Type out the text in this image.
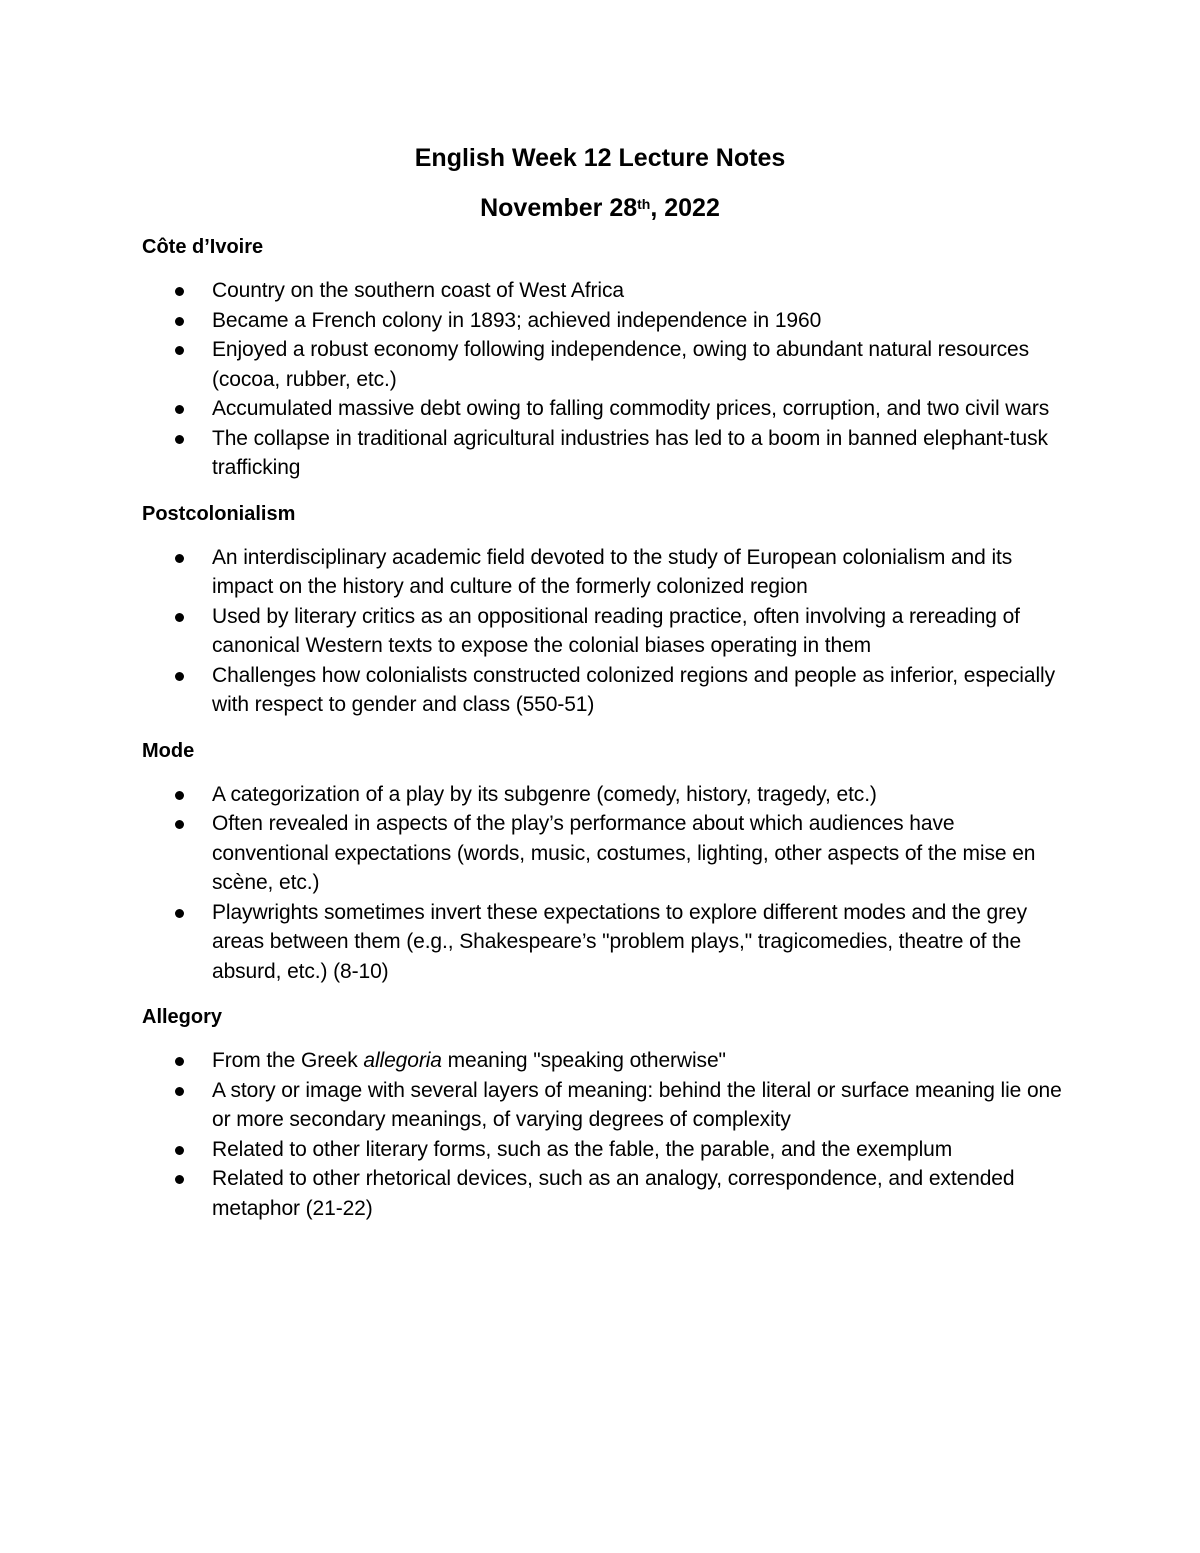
English Week 12 Lecture Notes
November 28th, 2022

Côte d’Ivoire

Country on the southern coast of West Africa
Became a French colony in 1893; achieved independence in 1960
Enjoyed a robust economy following independence, owing to abundant natural resources (cocoa, rubber, etc.)
Accumulated massive debt owing to falling commodity prices, corruption, and two civil wars
The collapse in traditional agricultural industries has led to a boom in banned elephant-tusk trafficking

Postcolonialism

An interdisciplinary academic field devoted to the study of European colonialism and its impact on the history and culture of the formerly colonized region
Used by literary critics as an oppositional reading practice, often involving a rereading of canonical Western texts to expose the colonial biases operating in them
Challenges how colonialists constructed colonized regions and people as inferior, especially with respect to gender and class (550-51)

Mode

A categorization of a play by its subgenre (comedy, history, tragedy, etc.)
Often revealed in aspects of the play’s performance about which audiences have conventional expectations (words, music, costumes, lighting, other aspects of the mise en scène, etc.)
Playwrights sometimes invert these expectations to explore different modes and the grey areas between them (e.g., Shakespeare’s "problem plays," tragicomedies, theatre of the absurd, etc.) (8-10)

Allegory

From the Greek allegoria meaning "speaking otherwise"
A story or image with several layers of meaning: behind the literal or surface meaning lie one or more secondary meanings, of varying degrees of complexity
Related to other literary forms, such as the fable, the parable, and the exemplum
Related to other rhetorical devices, such as an analogy, correspondence, and extended metaphor (21-22)
